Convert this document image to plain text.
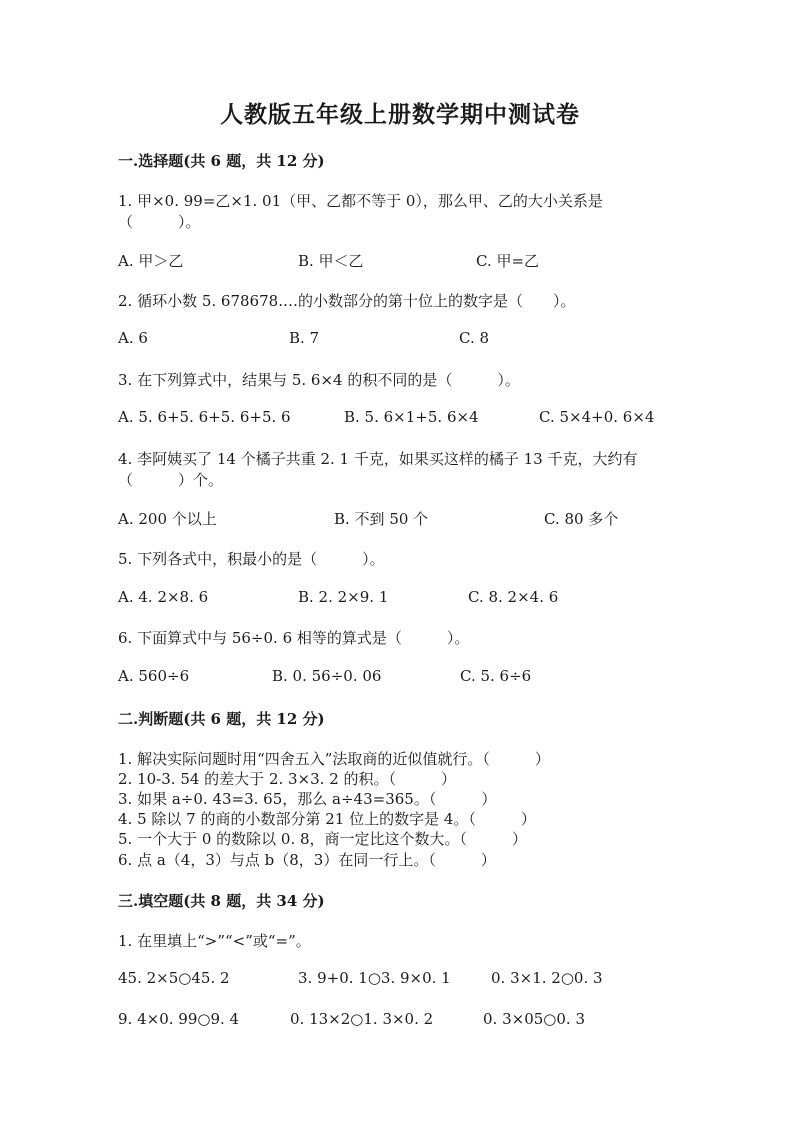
人教版五年级上册数学期中测试卷
一.选择题(共 6 题，共 12 分)
1. 甲×0. 99=乙×1. 01（甲、乙都不等于 0），那么甲、乙的大小关系是
（　　　）。
A. 甲＞乙	B. 甲＜乙	C. 甲=乙
2. 循环小数 5. 678678.…的小数部分的第十位上的数字是（　　）。
A. 6	B. 7	C. 8
3. 在下列算式中，结果与 5. 6×4 的积不同的是（　　　）。
A. 5. 6+5. 6+5. 6+5. 6	B. 5. 6×1+5. 6×4	C. 5×4+0. 6×4
4. 李阿姨买了 14 个橘子共重 2. 1 千克，如果买这样的橘子 13 千克，大约有
（　　　）个。
A. 200 个以上	B. 不到 50 个	C. 80 多个
5. 下列各式中，积最小的是（　　　）。
A. 4. 2×8. 6	B. 2. 2×9. 1	C. 8. 2×4. 6
6. 下面算式中与 56÷0. 6 相等的算式是（　　　）。
A. 560÷6	B. 0. 56÷0. 06	C. 5. 6÷6
二.判断题(共 6 题，共 12 分)
1. 解决实际问题时用“四舍五入”法取商的近似值就行。（　　　）
2. 10-3. 54 的差大于 2. 3×3. 2 的积。（　　　）
3. 如果 a÷0. 43=3. 65，那么 a÷43=365。（　　　）
4. 5 除以 7 的商的小数部分第 21 位上的数字是 4。（　　　）
5. 一个大于 0 的数除以 0. 8，商一定比这个数大。（　　　）
6. 点 a（4，3）与点 b（8，3）在同一行上。（　　　）
三.填空题(共 8 题，共 34 分)
1. 在里填上“>”“<”或“=”。
45. 2×5○45. 2	3. 9+0. 1○3. 9×0. 1	0. 3×1. 2○0. 3
9. 4×0. 99○9. 4	0. 13×2○1. 3×0. 2	0. 3×05○0. 3
